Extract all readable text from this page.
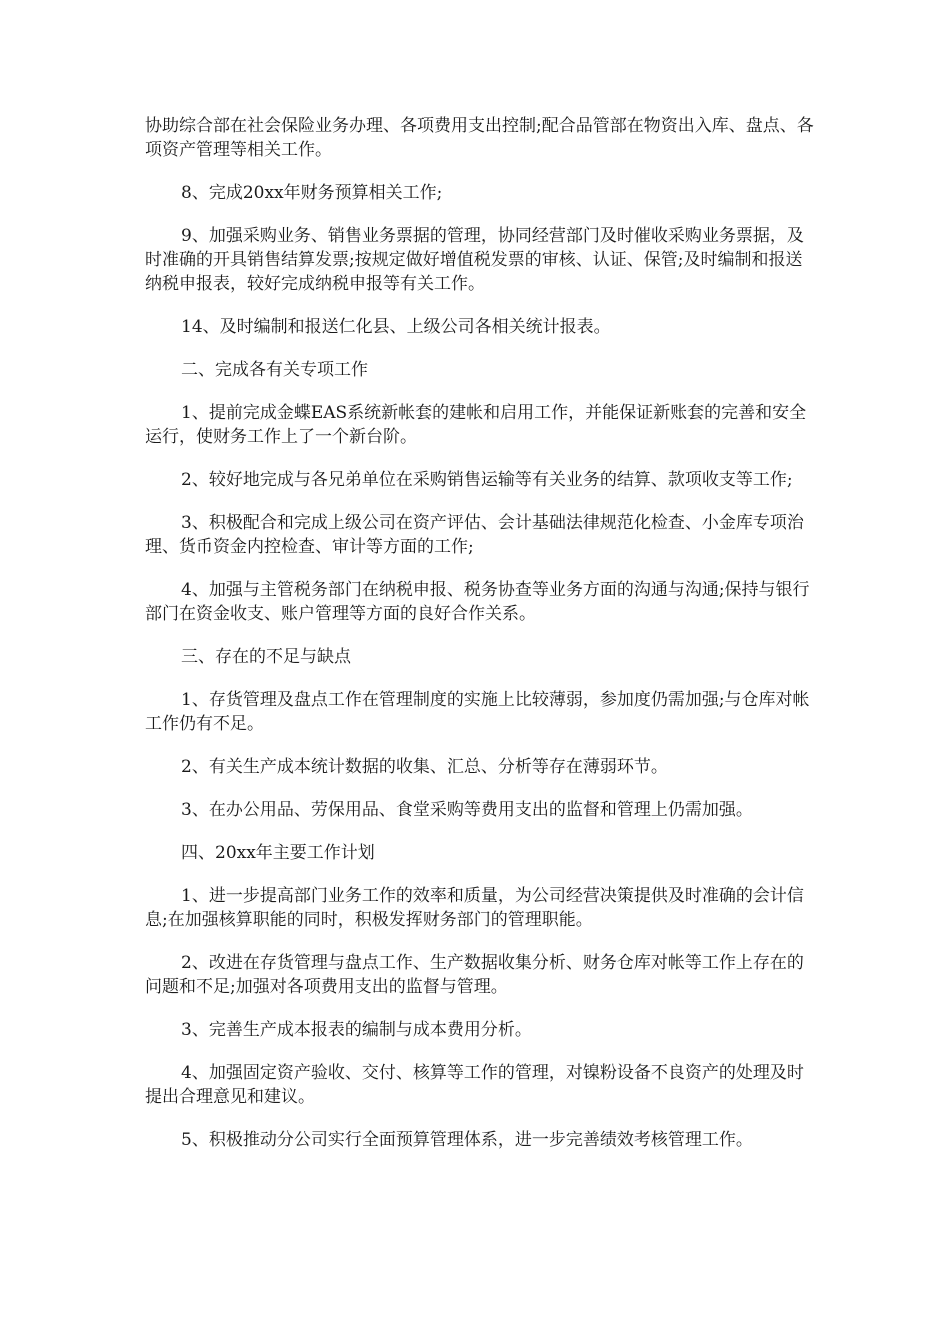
协助综合部在社会保险业务办理、各项费用支出控制;配合品管部在物资出入库、盘点、各项资产管理等相关工作。

8、完成20xx年财务预算相关工作;

9、加强采购业务、销售业务票据的管理，协同经营部门及时催收采购业务票据，及时准确的开具销售结算发票;按规定做好增值税发票的审核、认证、保管;及时编制和报送纳税申报表，较好完成纳税申报等有关工作。

14、及时编制和报送仁化县、上级公司各相关统计报表。

二、完成各有关专项工作

1、提前完成金蝶EAS系统新帐套的建帐和启用工作，并能保证新账套的完善和安全运行，使财务工作上了一个新台阶。

2、较好地完成与各兄弟单位在采购销售运输等有关业务的结算、款项收支等工作;

3、积极配合和完成上级公司在资产评估、会计基础法律规范化检查、小金库专项治理、货币资金内控检查、审计等方面的工作;

4、加强与主管税务部门在纳税申报、税务协查等业务方面的沟通与沟通;保持与银行部门在资金收支、账户管理等方面的良好合作关系。

三、存在的不足与缺点

1、存货管理及盘点工作在管理制度的实施上比较薄弱，参加度仍需加强;与仓库对帐工作仍有不足。

2、有关生产成本统计数据的收集、汇总、分析等存在薄弱环节。

3、在办公用品、劳保用品、食堂采购等费用支出的监督和管理上仍需加强。

四、20xx年主要工作计划

1、进一步提高部门业务工作的效率和质量，为公司经营决策提供及时准确的会计信息;在加强核算职能的同时，积极发挥财务部门的管理职能。

2、改进在存货管理与盘点工作、生产数据收集分析、财务仓库对帐等工作上存在的问题和不足;加强对各项费用支出的监督与管理。

3、完善生产成本报表的编制与成本费用分析。

4、加强固定资产验收、交付、核算等工作的管理，对镍粉设备不良资产的处理及时提出合理意见和建议。

5、积极推动分公司实行全面预算管理体系，进一步完善绩效考核管理工作。
